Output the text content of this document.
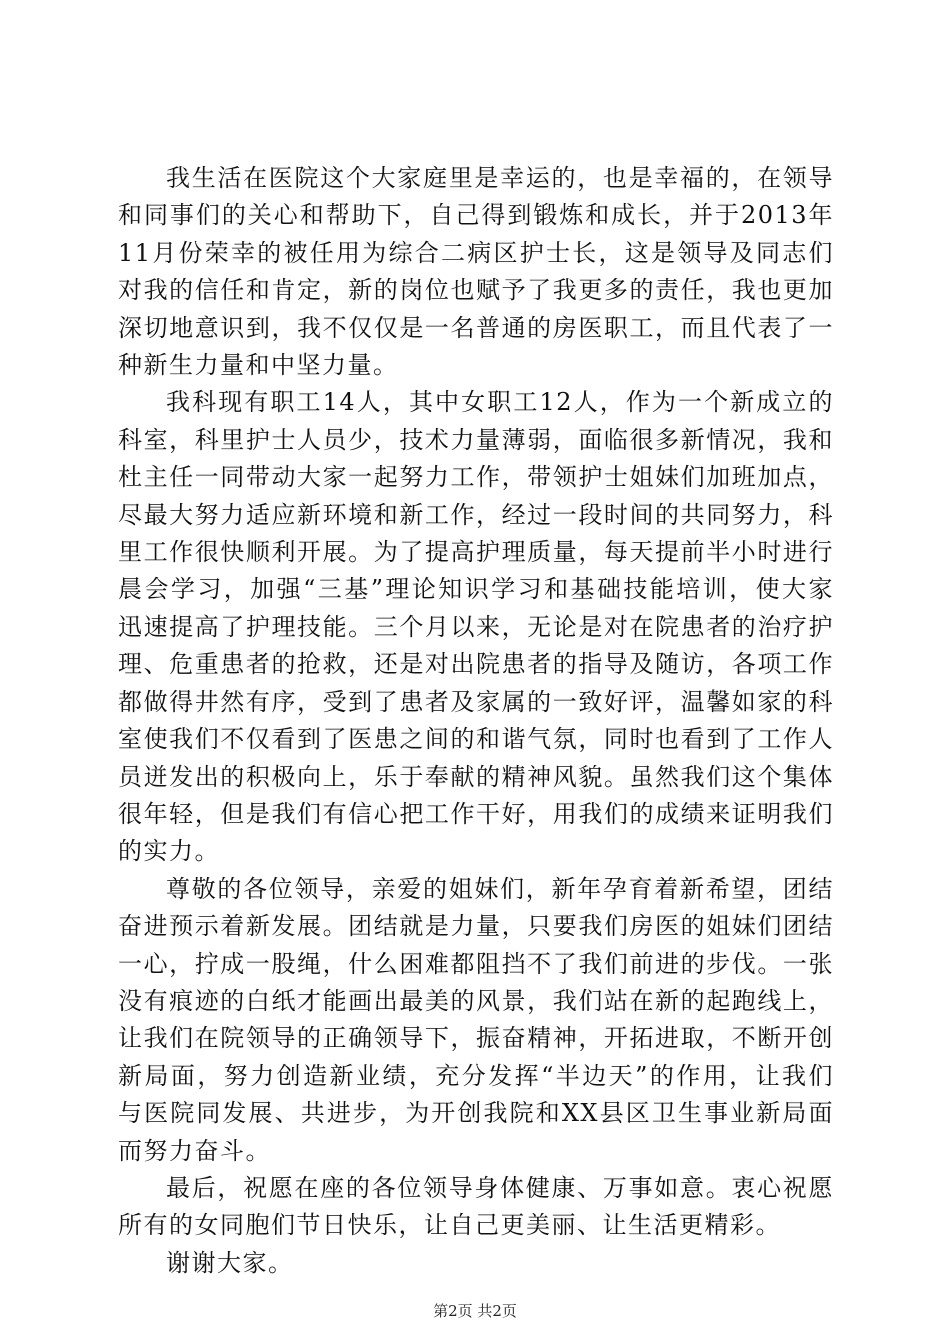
我生活在医院这个大家庭里是幸运的，也是幸福的，在领导和同事们的关心和帮助下，自己得到锻炼和成长，并于2013年11月份荣幸的被任用为综合二病区护士长，这是领导及同志们对我的信任和肯定，新的岗位也赋予了我更多的责任，我也更加深切地意识到，我不仅仅是一名普通的房医职工，而且代表了一种新生力量和中坚力量。

我科现有职工14人，其中女职工12人，作为一个新成立的科室，科里护士人员少，技术力量薄弱，面临很多新情况，我和杜主任一同带动大家一起努力工作，带领护士姐妹们加班加点，尽最大努力适应新环境和新工作，经过一段时间的共同努力，科里工作很快顺利开展。为了提高护理质量，每天提前半小时进行晨会学习，加强“三基”理论知识学习和基础技能培训，使大家迅速提高了护理技能。三个月以来，无论是对在院患者的治疗护理、危重患者的抢救，还是对出院患者的指导及随访，各项工作都做得井然有序，受到了患者及家属的一致好评，温馨如家的科室使我们不仅看到了医患之间的和谐气氛，同时也看到了工作人员迸发出的积极向上，乐于奉献的精神风貌。虽然我们这个集体很年轻，但是我们有信心把工作干好，用我们的成绩来证明我们的实力。

尊敬的各位领导，亲爱的姐妹们，新年孕育着新希望，团结奋进预示着新发展。团结就是力量，只要我们房医的姐妹们团结一心，拧成一股绳，什么困难都阻挡不了我们前进的步伐。一张没有痕迹的白纸才能画出最美的风景，我们站在新的起跑线上，让我们在院领导的正确领导下，振奋精神，开拓进取，不断开创新局面，努力创造新业绩，充分发挥“半边天”的作用，让我们与医院同发展、共进步，为开创我院和XX县区卫生事业新局面而努力奋斗。

最后，祝愿在座的各位领导身体健康、万事如意。衷心祝愿所有的女同胞们节日快乐，让自己更美丽、让生活更精彩。

谢谢大家。

第2页 共2页
